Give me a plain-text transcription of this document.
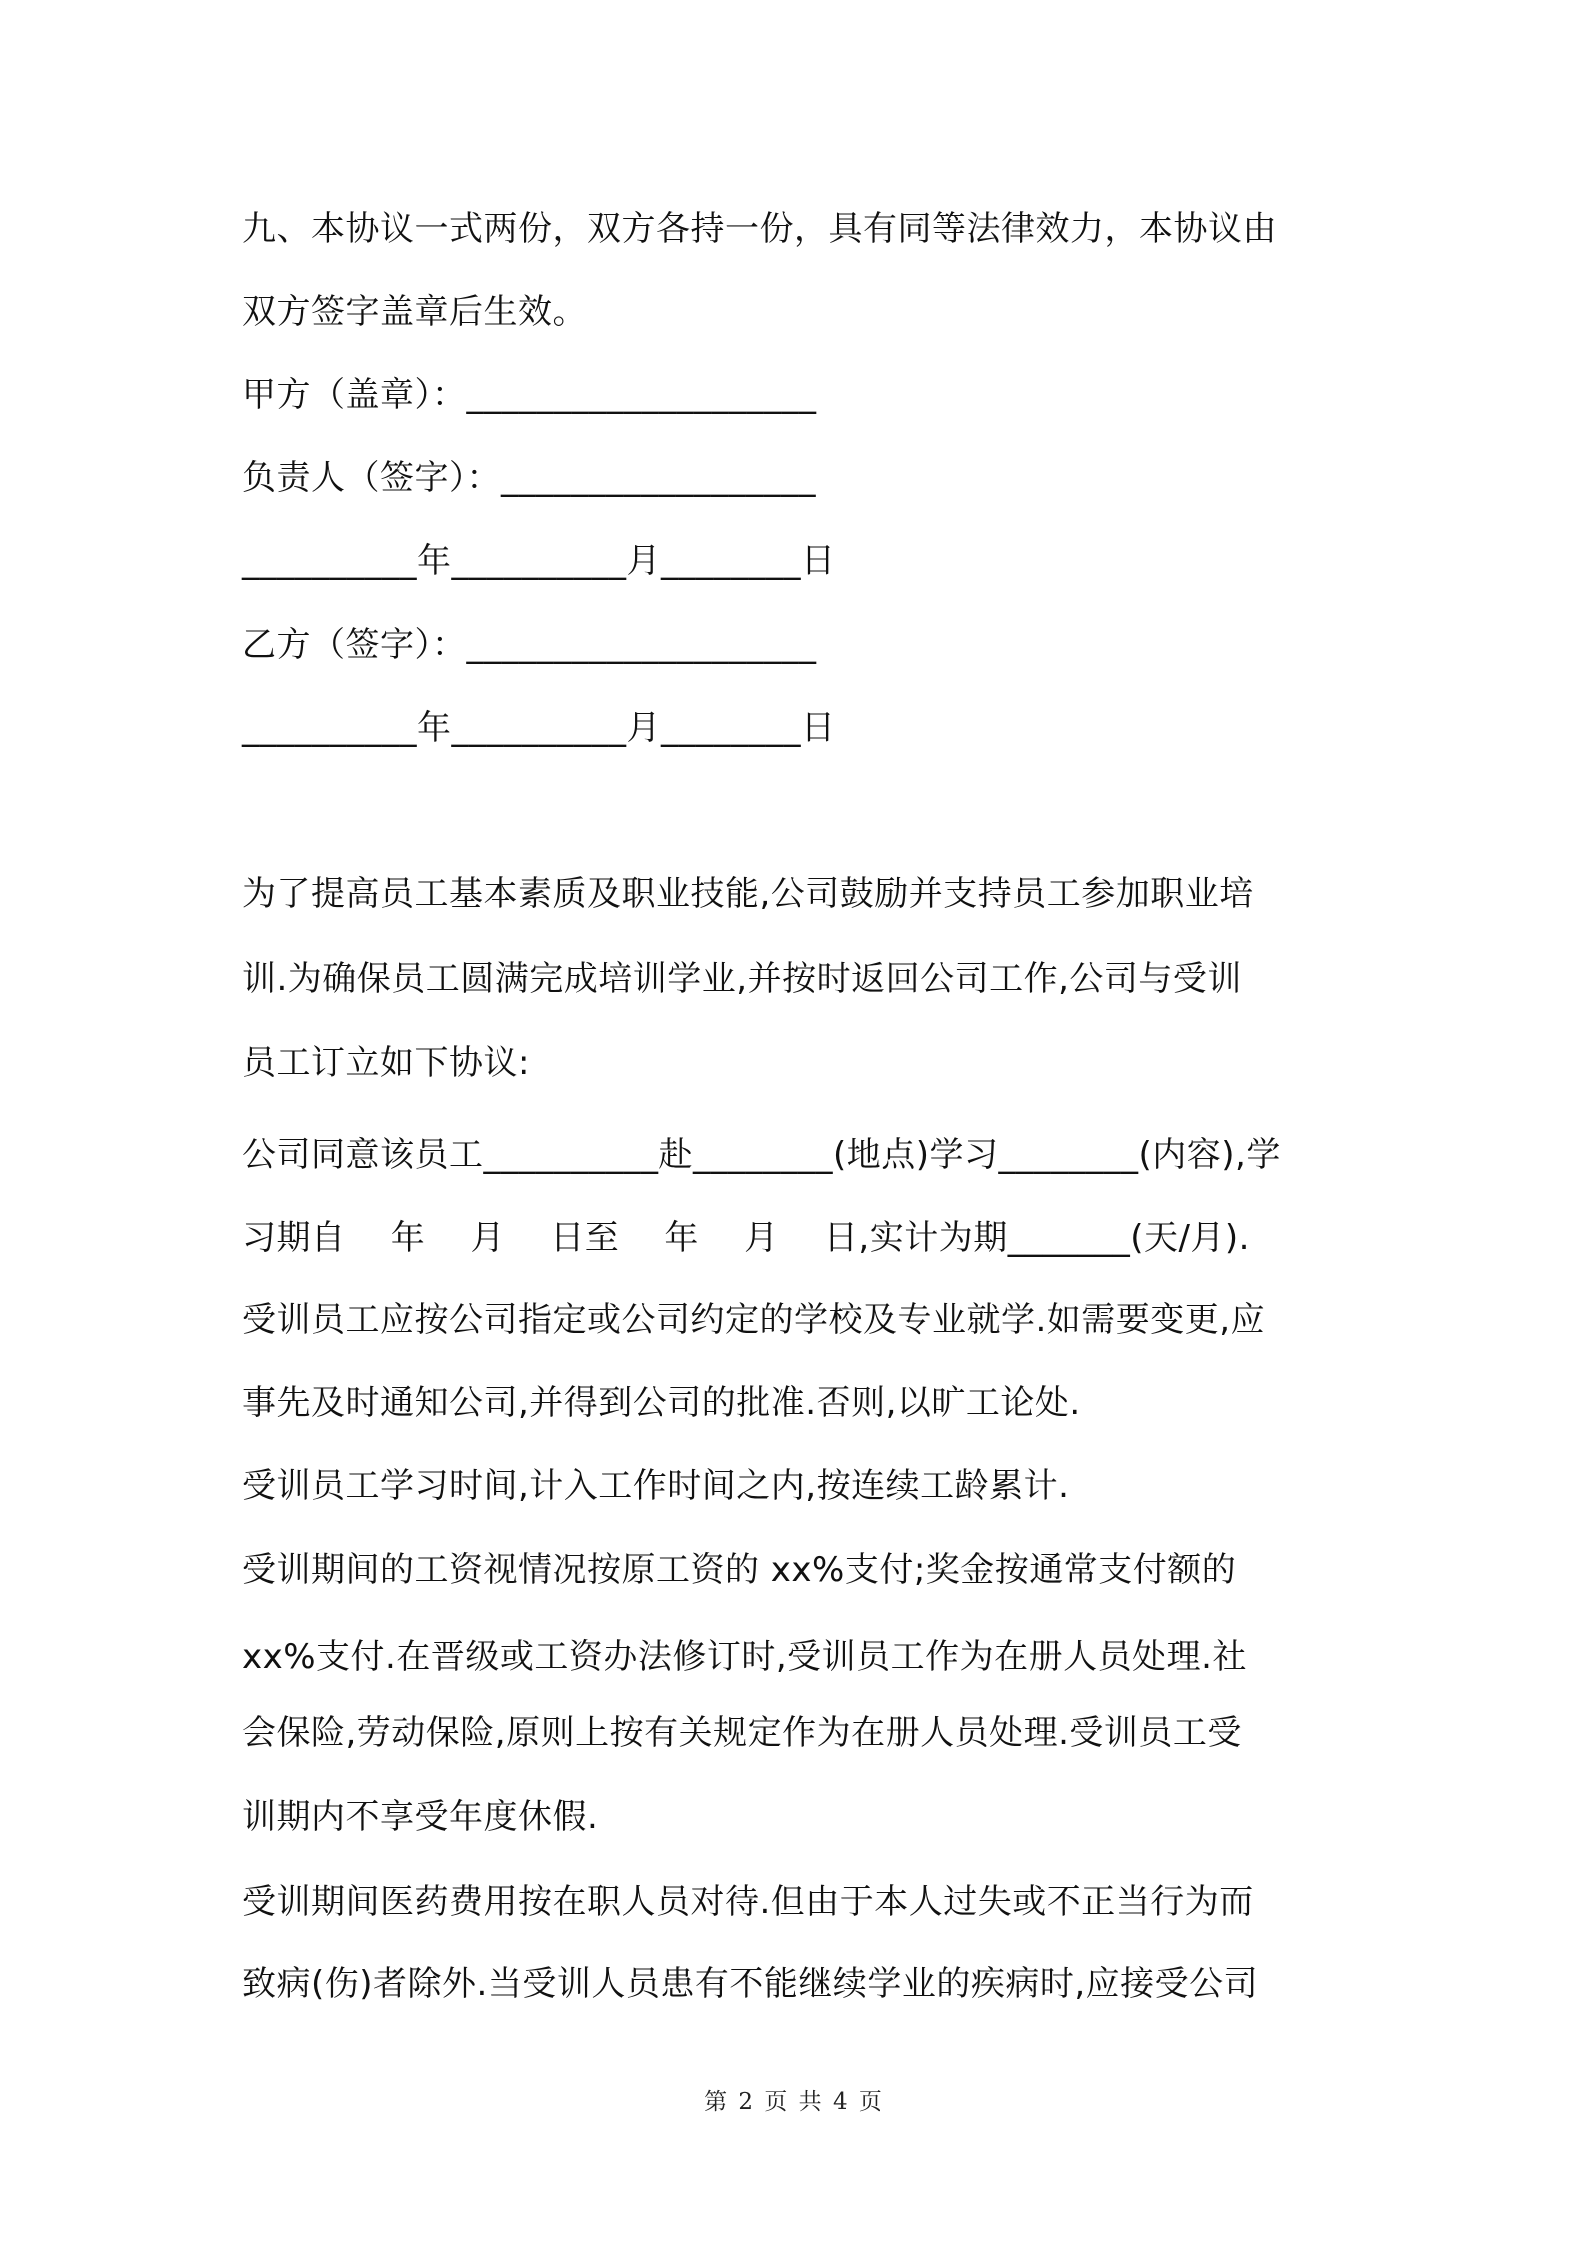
九、本协议一式两份，双方各持一份，具有同等法律效力，本协议由
双方签字盖章后生效。
甲方（盖章）：____________________
负责人（签字）：__________________
__________年__________月________日
乙方（签字）：____________________
__________年__________月________日
为了提高员工基本素质及职业技能,公司鼓励并支持员工参加职业培
训.为确保员工圆满完成培训学业,并按时返回公司工作,公司与受训
员工订立如下协议:
公司同意该员工__________赴________(地点)学习________(内容),学
习期自    年    月    日至    年    月    日,实计为期_______(天/月).
受训员工应按公司指定或公司约定的学校及专业就学.如需要变更,应
事先及时通知公司,并得到公司的批准.否则,以旷工论处.
受训员工学习时间,计入工作时间之内,按连续工龄累计.
受训期间的工资视情况按原工资的 xx%支付;奖金按通常支付额的
xx%支付.在晋级或工资办法修订时,受训员工作为在册人员处理.社
会保险,劳动保险,原则上按有关规定作为在册人员处理.受训员工受
训期内不享受年度休假.
受训期间医药费用按在职人员对待.但由于本人过失或不正当行为而
致病(伤)者除外.当受训人员患有不能继续学业的疾病时,应接受公司
第 2 页 共 4 页
